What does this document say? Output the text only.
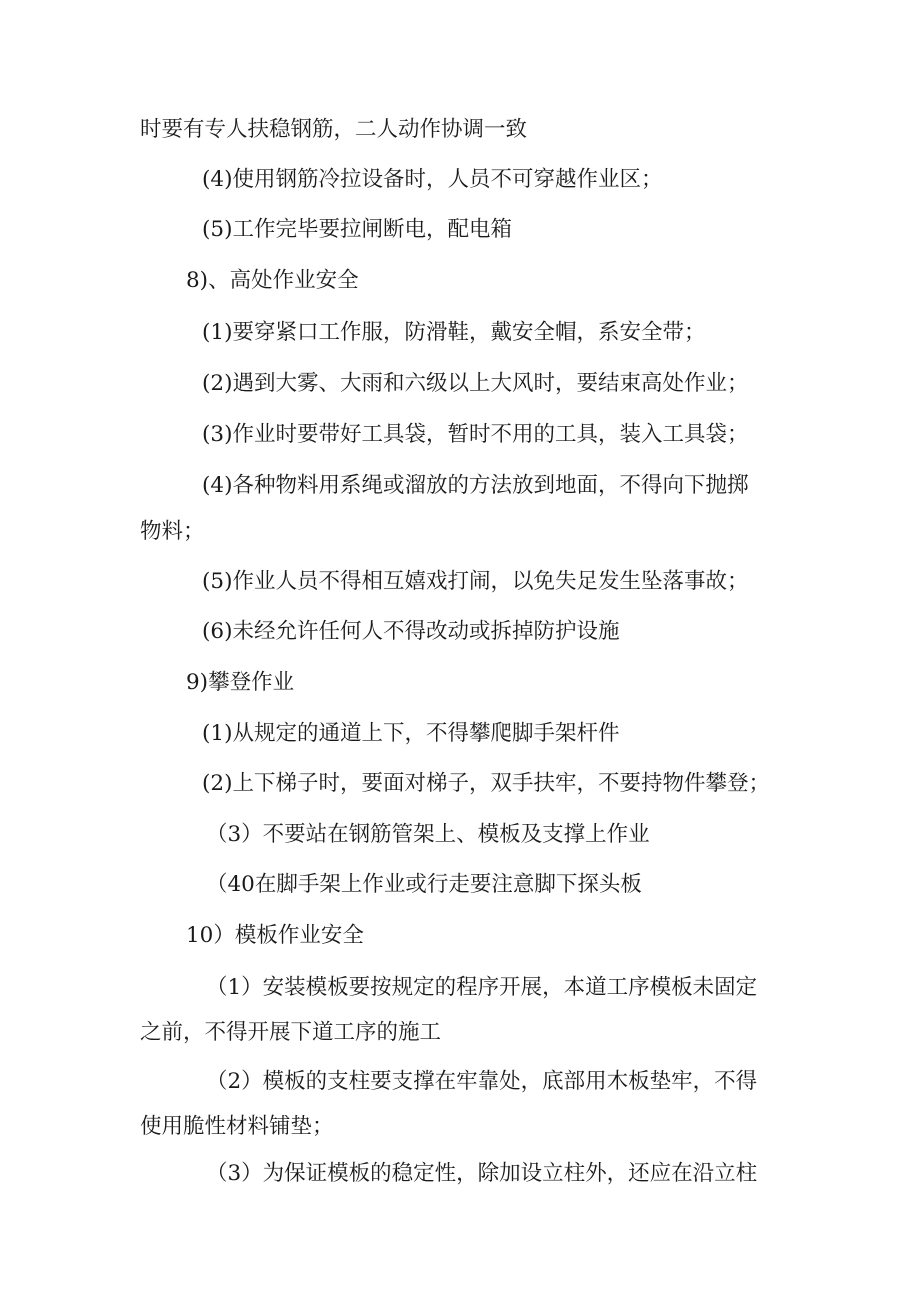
时要有专人扶稳钢筋，二人动作协调一致
(4)使用钢筋冷拉设备时，人员不可穿越作业区；
(5)工作完毕要拉闸断电，配电箱
8)、高处作业安全
(1)要穿紧口工作服，防滑鞋，戴安全帽，系安全带；
(2)遇到大雾、大雨和六级以上大风时，要结束高处作业；
(3)作业时要带好工具袋，暂时不用的工具，装入工具袋；
(4)各种物料用系绳或溜放的方法放到地面，不得向下抛掷
物料；
(5)作业人员不得相互嬉戏打闹，以免失足发生坠落事故；
(6)未经允许任何人不得改动或拆掉防护设施
9)攀登作业
(1)从规定的通道上下，不得攀爬脚手架杆件
(2)上下梯子时，要面对梯子，双手扶牢，不要持物件攀登；
（3）不要站在钢筋管架上、模板及支撑上作业
（40在脚手架上作业或行走要注意脚下探头板
10）模板作业安全
（1）安装模板要按规定的程序开展，本道工序模板未固定
之前，不得开展下道工序的施工
（2）模板的支柱要支撑在牢靠处，底部用木板垫牢，不得
使用脆性材料铺垫；
（3）为保证模板的稳定性，除加设立柱外，还应在沿立柱
